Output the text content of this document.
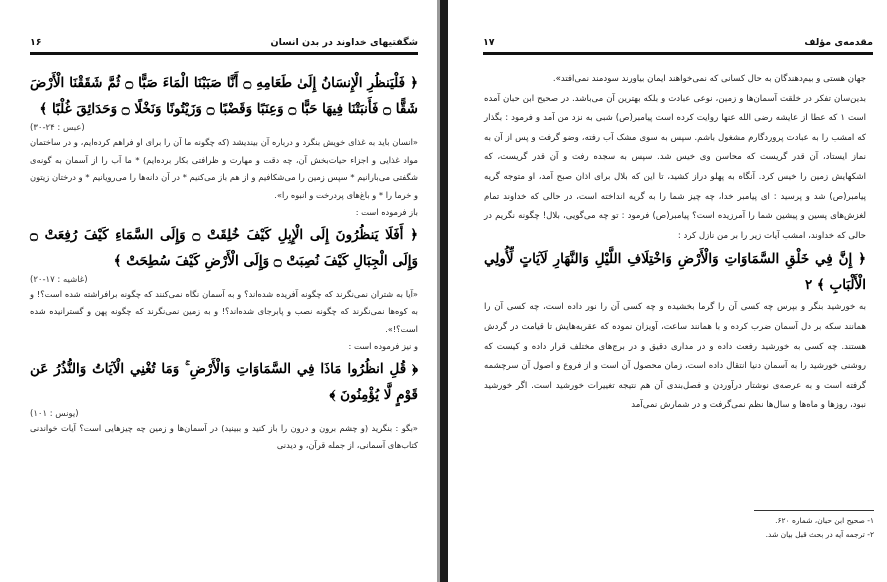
شگفتیهای خداوند در بدن انسان
۱۶

﴿ فَلْيَنظُرِ الْإِنسَانُ إِلَىٰ طَعَامِهِ ۝ أَنَّا صَبَبْنَا الْمَاءَ صَبًّا ۝ ثُمَّ شَقَقْنَا الْأَرْضَ شَقًّا ۝ فَأَنبَتْنَا فِيهَا حَبًّا ۝ وَعِنَبًا وَقَضْبًا ۝ وَزَيْتُونًا وَنَخْلًا ۝ وَحَدَائِقَ غُلْبًا ﴾

(عبس : ۲۴-۳۰)

«انسان باید به غذای خویش بنگرد و درباره آن بیندیشد (که چگونه ما آن را برای او فراهم کرده‌ایم، و در ساختمان مواد غذایی و اجزاء حیات‌بخش آن، چه دقت و مهارت و ظرافتی بکار برده‌ایم) * ما آب را از آسمان به گونه‌ی شگفتی می‌بارانیم * سپس زمین را می‌شکافیم و از هم باز می‌کنیم * در آن دانه‌ها را می‌رویانیم * و درختان زیتون و خرما را * و باغ‌های پردرخت و انبوه را».

باز فرموده است :

﴿ أَفَلَا يَنظُرُونَ إِلَى الْإِبِلِ كَيْفَ خُلِقَتْ ۝ وَإِلَى السَّمَاءِ كَيْفَ رُفِعَتْ ۝ وَإِلَى الْجِبَالِ كَيْفَ نُصِبَتْ ۝ وَإِلَى الْأَرْضِ كَيْفَ سُطِحَتْ ﴾

(غاشیه : ۱۷-۲۰)

«آیا به شتران نمی‌نگرند که چگونه آفریده شده‌اند؟ و به آسمان نگاه نمی‌کنند که چگونه برافراشته شده است؟! و به کوه‌ها نمی‌نگرند که چگونه نصب و پابرجای شده‌اند؟! و به زمین نمی‌نگرند که چگونه پهن و گسترانیده شده است؟!».

و نیز فرموده است :

﴿ قُلِ انظُرُوا مَاذَا فِي السَّمَاوَاتِ وَالْأَرْضِ ۚ وَمَا تُغْنِي الْآيَاتُ وَالنُّذُرُ عَن قَوْمٍ لَّا يُؤْمِنُونَ ﴾

(یونس : ۱۰۱)

«بگو : بنگرید (و چشم برون و درون را باز کنید و ببینید) در آسمان‌ها و زمین چه چیزهایی است؟ آیات خواندنی کتاب‌های آسمانی، از جمله قرآن، و دیدنی

مقدمه‌ی مؤلف
۱۷

جهان هستی و بیم‌دهندگان به حال کسانی که نمی‌خواهند ایمان بیاورند سودمند نمی‌افتد».

بدین‌سان تفکر در خلقت آسمان‌ها و زمین، نوعی عبادت و بلکه بهترین آن می‌باشد. در صحیح ابن حبان آمده است ۱ که عطا از عایشه رضی الله عنها روایت کرده است پیامبر(ص) شبی به نزد من آمد و فرمود : بگذار که امشب را به عبادت پروردگارم مشغول باشم. سپس به سوی مشک آب رفته، وضو گرفت و پس از آن به نماز ایستاد، آن قدر گریست که محاسن وی خیس شد. سپس به سجده رفت و آن قدر گریست، که اشکهایش زمین را خیس کرد. آنگاه به پهلو دراز کشید، تا این که بلال برای اذان صبح آمد، او متوجه گریه پیامبر(ص) شد و پرسید : ای پیامبر خدا، چه چیز شما را به گریه انداخته است، در حالی که خداوند تمام لغزش‌های پسین و پیشین شما را آمرزیده است؟ پیامبر(ص) فرمود : تو چه می‌گویی، بلال! چگونه نگریم در حالی که خداوند، امشب آیات زیر را بر من نازل کرد :

﴿ إِنَّ فِي خَلْقِ السَّمَاوَاتِ وَالْأَرْضِ وَاخْتِلَافِ اللَّيْلِ وَالنَّهَارِ لَآيَاتٍ لِّأُولِي الْأَلْبَابِ ﴾ ۲

به خورشید بنگر و بپرس چه کسی آن را گرما بخشیده و چه کسی آن را نور داده است، چه کسی آن را همانند سکه بر دل آسمان ضرب کرده و با همانند ساعت، آویزان نموده که عقربه‌هایش تا قیامت در گردش هستند. چه کسی به خورشید رفعت داده و در مداری دقیق و در برج‌های مختلف قرار داده و کیست که روشنی خورشید را به آسمان دنیا انتقال داده است، زمان محصول آن است و از فروع و اصول آن سرچشمه گرفته است و به عرصه‌ی نوشتار درآوردن و فصل‌بندی آن هم نتیجه تغییرات خورشید است. اگر خورشید نبود، روزها و ماه‌ها و سال‌ها نظم نمی‌گرفت و در شمارش نمی‌آمد

۱- صحیح ابن حبان، شماره ۶۲۰.
۲- ترجمه آیه در بحث قبل بیان شد.
